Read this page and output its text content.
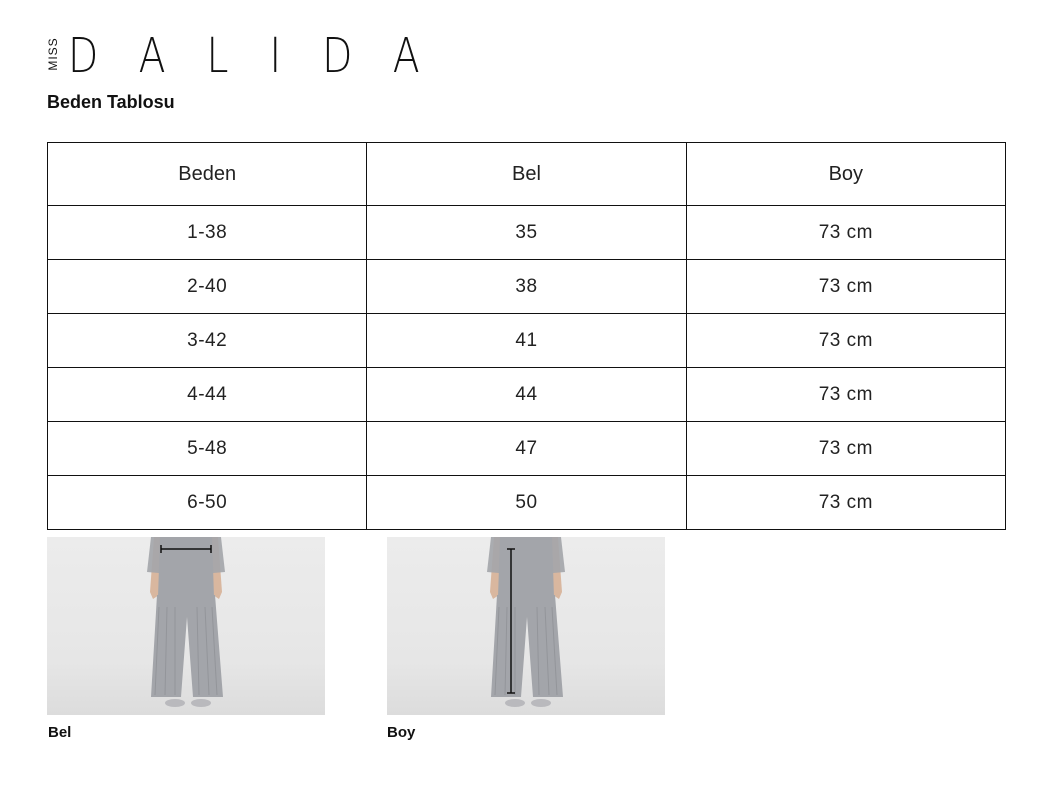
MISS DALIDA
Beden Tablosu
Beden	Bel	Boy
1-38	35	73 cm
2-40	38	73 cm
3-42	41	73 cm
4-44	44	73 cm
5-48	47	73 cm
6-50	50	73 cm
Bel	Boy
